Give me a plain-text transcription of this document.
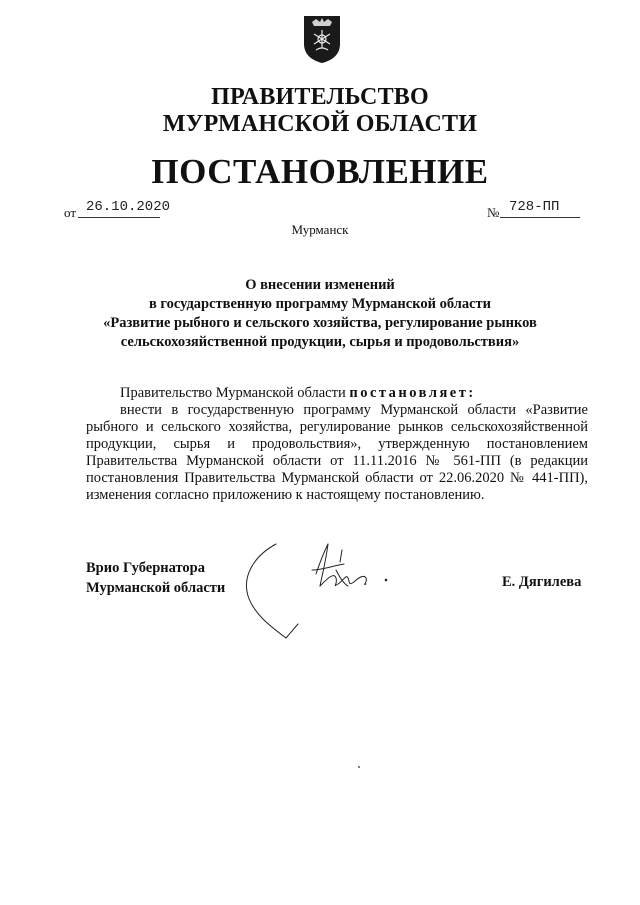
ПРАВИТЕЛЬСТВО
МУРМАНСКОЙ ОБЛАСТИ
ПОСТАНОВЛЕНИЕ
от 26.10.2020	№ 728-ПП
Мурманск
О внесении изменений
в государственную программу Мурманской области
«Развитие рыбного и сельского хозяйства, регулирование рынков
сельскохозяйственной продукции, сырья и продовольствия»

Правительство Мурманской области постановляет:

внести в государственную программу Мурманской области «Развитие рыбного и сельского хозяйства, регулирование рынков сельскохозяйственной продукции, сырья и продовольствия», утвержденную постановлением Правительства Мурманской области от 11.11.2016 № 561-ПП (в редакции постановления Правительства Мурманской области от 22.06.2020 № 441-ПП), изменения согласно приложению к настоящему постановлению.

Врио Губернатора
Мурманской области	Е. Дягилева
